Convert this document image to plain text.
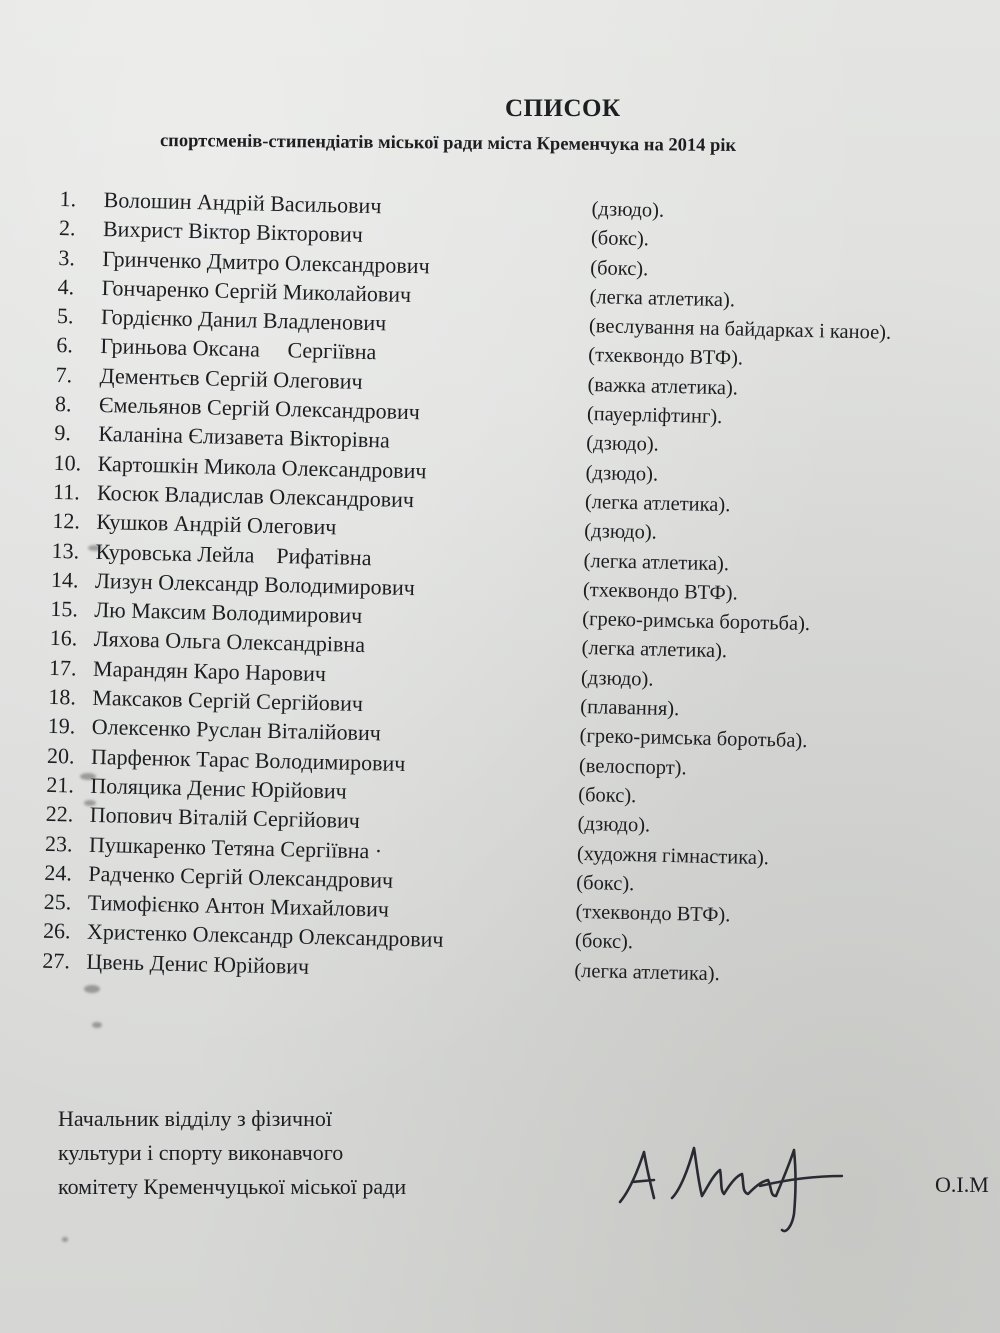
СПИСОК
спортсменів-стипендіатів міської ради міста Кременчука на 2014 рік
1.	Волошин Андрій Васильович	(дзюдо).
2.	Вихрист Віктор Вікторович	(бокс).
3.	Гринченко Дмитро Олександрович	(бокс).
4.	Гончаренко Сергій Миколайович	(легка атлетика).
5.	Гордієнко Данил Владленович	(веслування на байдарках і каное).
6.	Гриньова Оксана     Сергіївна	(тхеквондо ВТФ).
7.	Дементьєв Сергій Олегович	(важка атлетика).
8.	Ємельянов Сергій Олександрович	(пауерліфтинг).
9.	Каланіна Єлизавета Вікторівна	(дзюдо).
10. Картошкін Микола Олександрович	(дзюдо).
11. Косюк Владислав Олександрович	(легка атлетика).
12. Кушков Андрій Олегович	(дзюдо).
13. Куровська Лейла    Рифатівна	(легка атлетика).
14. Лизун Олександр Володимирович	(тхеквондо ВТФ).
15. Лю Максим Володимирович	(греко-римська боротьба).
16. Ляхова Ольга Олександрівна	(легка атлетика).
17. Марандян Каро Нарович	(дзюдо).
18. Максаков Сергій Сергійович	(плавання).
19. Олексенко Руслан Віталійович	(греко-римська боротьба).
20. Парфенюк Тарас Володимирович	(велоспорт).
21. Поляцика Денис Юрійович	(бокс).
22. Попович Віталій Сергійович	(дзюдо).
23. Пушкаренко Тетяна Сергіївна ·	(художня гімнастика).
24. Радченко Сергій Олександрович	(бокс).
25. Тимофієнко Антон Михайлович	(тхеквондо ВТФ).
26. Христенко Олександр Олександрович	(бокс).
27. Цвень Денис Юрійович	(легка атлетика).
Начальник відділу з фізичної
культури і спорту виконавчого
комітету Кременчуцької міської ради	О.І.М
